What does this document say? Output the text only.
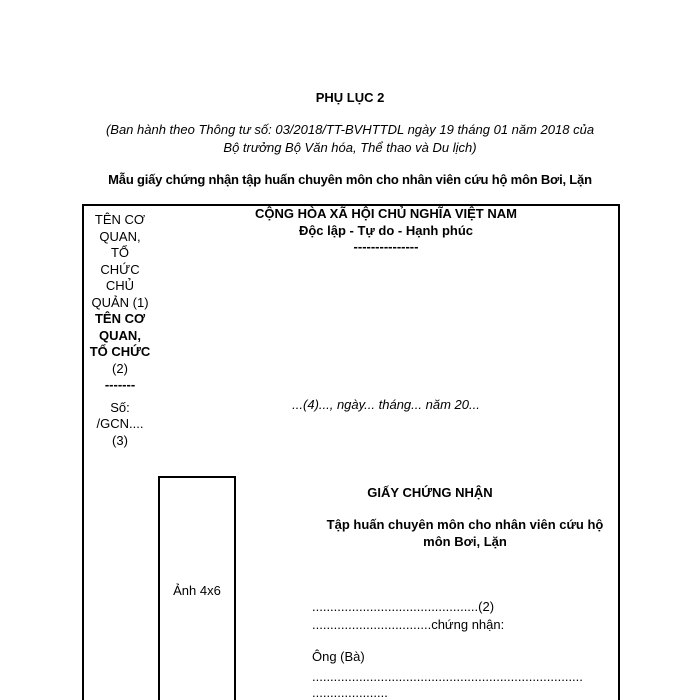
PHỤ LỤC 2
(Ban hành theo Thông tư số: 03/2018/TT-BVHTTDL ngày 19 tháng 01 năm 2018 của
Bộ trưởng Bộ Văn hóa, Thể thao và Du lịch)
Mẫu giấy chứng nhận tập huấn chuyên môn cho nhân viên cứu hộ môn Bơi, Lặn
TÊN CƠ
QUAN,
TỔ
CHỨC
CHỦ
QUẢN (1)
TÊN CƠ
QUAN,
TỔ CHỨC
(2)
-------
Số:
/GCN....
(3)
CỘNG HÒA XÃ HỘI CHỦ NGHĨA VIỆT NAM
Độc lập - Tự do - Hạnh phúc
---------------
...(4)..., ngày... tháng... năm 20...
Ảnh 4x6
GIẤY CHỨNG NHẬN
Tập huấn chuyên môn cho nhân viên cứu hộ
môn Bơi, Lặn
..............................................(2)
.................................chứng nhận:
Ông (Bà)
...........................................................................
.....................
